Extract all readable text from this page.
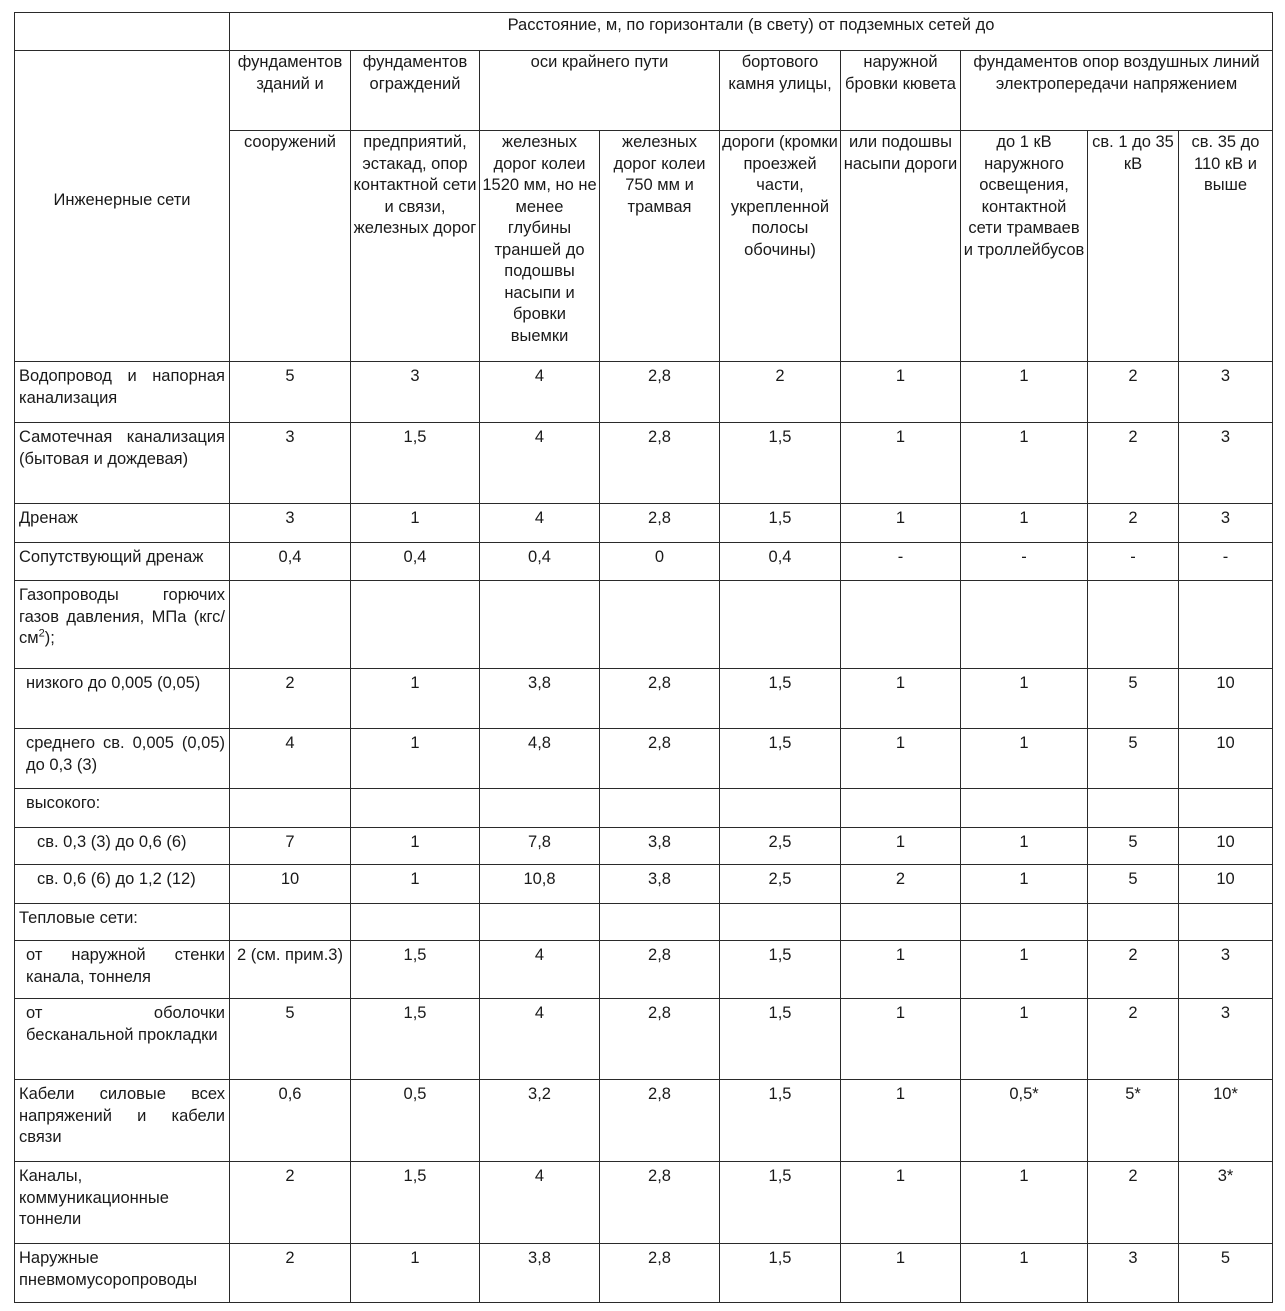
	Расстояние, м, по горизонтали (в свету) от подземных сетей до								
Инженерные сети	фундаментов зданий и	фундаментов ограждений	оси крайнего пути		бортового камня улицы,	наружной бровки кювета	фундаментов опор воздушных линий электропередачи напряжением		
	сооружений	предприятий, эстакад, опор контактной сети и связи, железных дорог	железных дорог колеи 1520 мм, но не менее глубины траншей до подошвы насыпи и бровки выемки	железных дорог колеи 750 мм и трамвая	дороги (кромки проезжей части, укрепленной полосы обочины)	или подошвы насыпи дороги	до 1 кВ наружного освещения, контактной сети трамваев и троллейбусов	св. 1 до 35 кВ	св. 35 до 110 кВ и выше
Водопровод и напорная канализация	5	3	4	2,8	2	1	1	2	3
Самотечная канализация (бытовая и дождевая)	3	1,5	4	2,8	1,5	1	1	2	3
Дренаж	3	1	4	2,8	1,5	1	1	2	3
Сопутствующий дренаж	0,4	0,4	0,4	0	0,4	-	-	-	-
Газопроводы горючих газов давления, МПа $(кгс/см^2)$;									
низкого до 0,005 (0,05)	2	1	3,8	2,8	1,5	1	1	5	10
среднего св. 0,005 (0,05) до 0,3 (3)	4	1	4,8	2,8	1,5	1	1	5	10
высокого:									
св. 0,3 (3) до 0,6 (6)	7	1	7,8	3,8	2,5	1	1	5	10
св. 0,6 (6) до 1,2 (12)	10	1	10,8	3,8	2,5	2	1	5	10
Тепловые сети:									
от наружной стенки канала, тоннеля	2 (см. прим.3)	1,5	4	2,8	1,5	1	1	2	3
от оболочки бесканальной прокладки	5	1,5	4	2,8	1,5	1	1	2	3
Кабели силовые всех напряжений и кабели связи	0,6	0,5	3,2	2,8	1,5	1	0,5*	5*	10*
Каналы, коммуникационные тоннели	2	1,5	4	2,8	1,5	1	1	2	3*
Наружные пневмомусоропроводы	2	1	3,8	2,8	1,5	1	1	3	5
